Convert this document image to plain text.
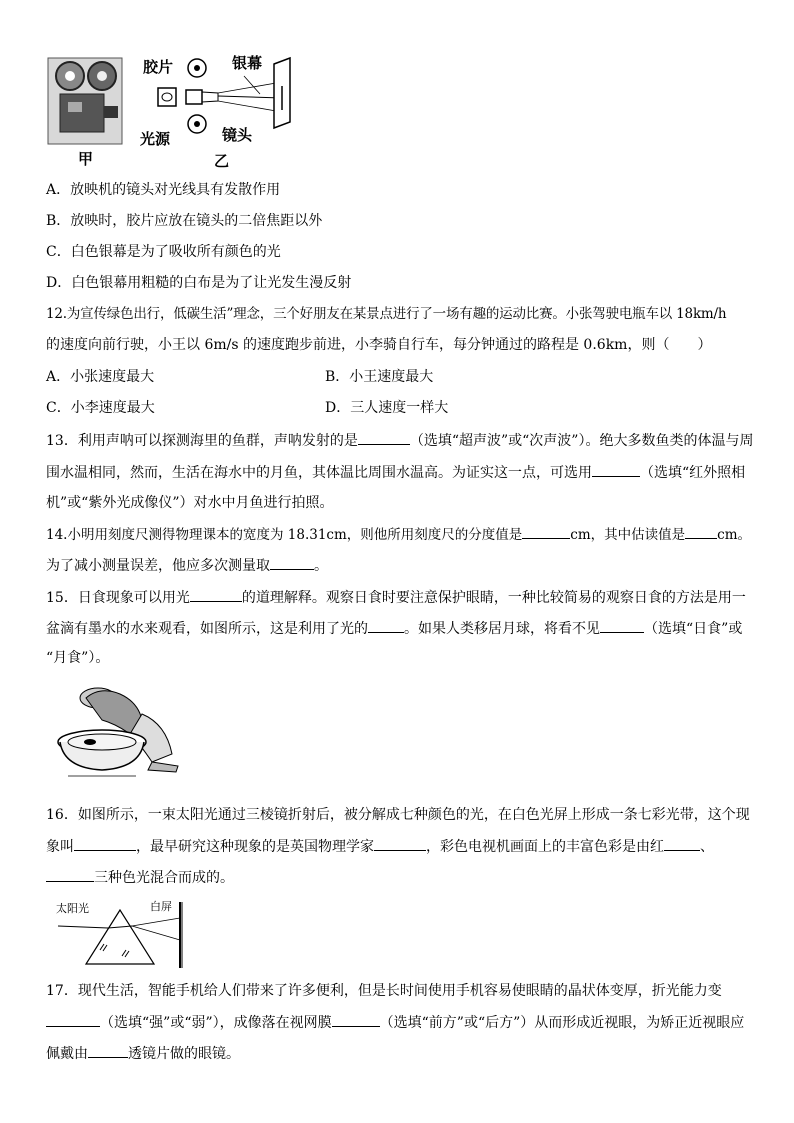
胶片	银幕
光源	镜头
甲	乙
A．放映机的镜头对光线具有发散作用
B．放映时，胶片应放在镜头的二倍焦距以外
C．白色银幕是为了吸收所有颜色的光
D．白色银幕用粗糙的白布是为了让光发生漫反射
12.为宣传绿色出行，低碳生活”理念，三个好朋友在某景点进行了一场有趣的运动比赛。小张驾驶电瓶车以 18km/h
的速度向前行驶，小王以 6m/s 的速度跑步前进，小李骑自行车，每分钟通过的路程是 0.6km，则（　　）
A．小张速度最大	B．小王速度最大
C．小李速度最大	D．三人速度一样大
13．利用声呐可以探测海里的鱼群，声呐发射的是	（选填“超声波”或“次声波”）。绝大多数鱼类的体温与周
围水温相同，然而，生活在海水中的月鱼，其体温比周围水温高。为证实这一点，可选用	（选填“红外照相
机”或“紫外光成像仪”）对水中月鱼进行拍照。
14.小明用刻度尺测得物理课本的宽度为 18.31cm，则他所用刻度尺的分度值是	cm，其中估读值是 cm。
为了减小测量误差，他应多次测量取	。
15．日食现象可以用光	的道理解释。观察日食时要注意保护眼睛，一种比较简易的观察日食的方法是用一
盆滴有墨水的水来观看，如图所示，这是利用了光的	。如果人类移居月球，将看不见	（选填“日食”或
“月食”）。
16．如图所示，一束太阳光通过三棱镜折射后，被分解成七种颜色的光，在白色光屏上形成一条七彩光带，这个现
象叫	，最早研究这种现象的是英国物理学家	，彩色电视机画面上的丰富色彩是由红	、
三种色光混合而成的。
太阳光	白屏
17．现代生活，智能手机给人们带来了许多便利，但是长时间使用手机容易使眼睛的晶状体变厚，折光能力变
（选填“强”或“弱”），成像落在视网膜	（选填“前方”或“后方”）从而形成近视眼，为矫正近视眼应
佩戴由	透镜片做的眼镜。
